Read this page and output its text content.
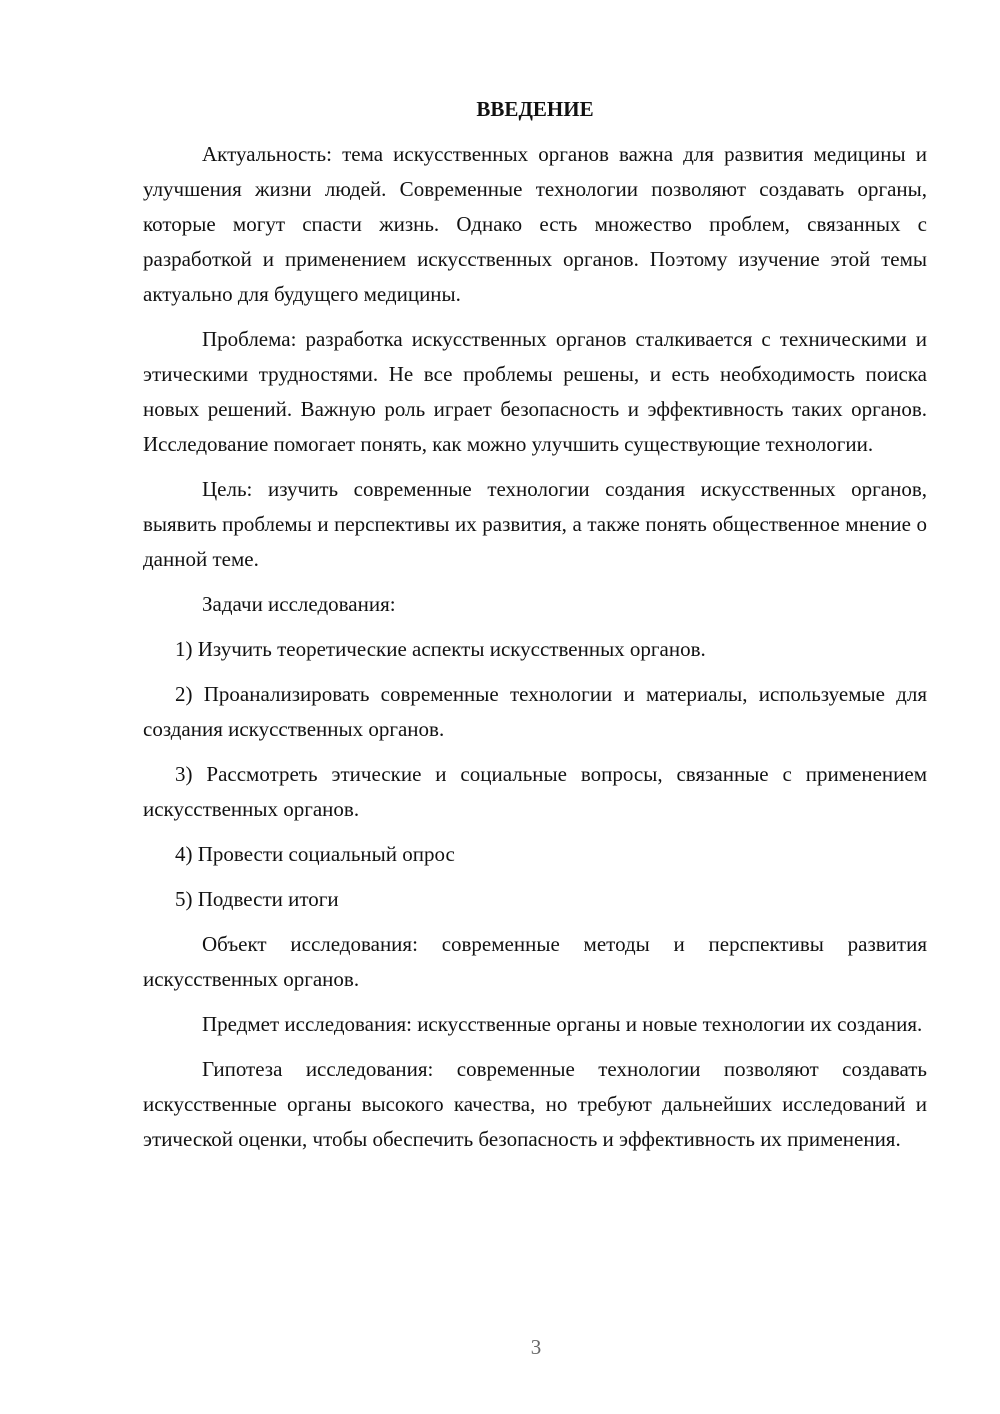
ВВЕДЕНИЕ

Актуальность: тема искусственных органов важна для развития медицины и улучшения жизни людей. Современные технологии позволяют создавать органы, которые могут спасти жизнь. Однако есть множество проблем, связанных с разработкой и применением искусственных органов. Поэтому изучение этой темы актуально для будущего медицины.

Проблема: разработка искусственных органов сталкивается с техническими и этическими трудностями. Не все проблемы решены, и есть необходимость поиска новых решений. Важную роль играет безопасность и эффективность таких органов. Исследование помогает понять, как можно улучшить существующие технологии.

Цель: изучить современные технологии создания искусственных органов, выявить проблемы и перспективы их развития, а также понять общественное мнение о данной теме.

Задачи исследования:

1) Изучить теоретические аспекты искусственных органов.

2) Проанализировать современные технологии и материалы, используемые для создания искусственных органов.

3) Рассмотреть этические и социальные вопросы, связанные с применением искусственных органов.

4) Провести социальный опрос

5) Подвести итоги

Объект исследования: современные методы и перспективы развития искусственных органов.

Предмет исследования: искусственные органы и новые технологии их создания.

Гипотеза исследования: современные технологии позволяют создавать искусственные органы высокого качества, но требуют дальнейших исследований и этической оценки, чтобы обеспечить безопасность и эффективность их применения.

3
